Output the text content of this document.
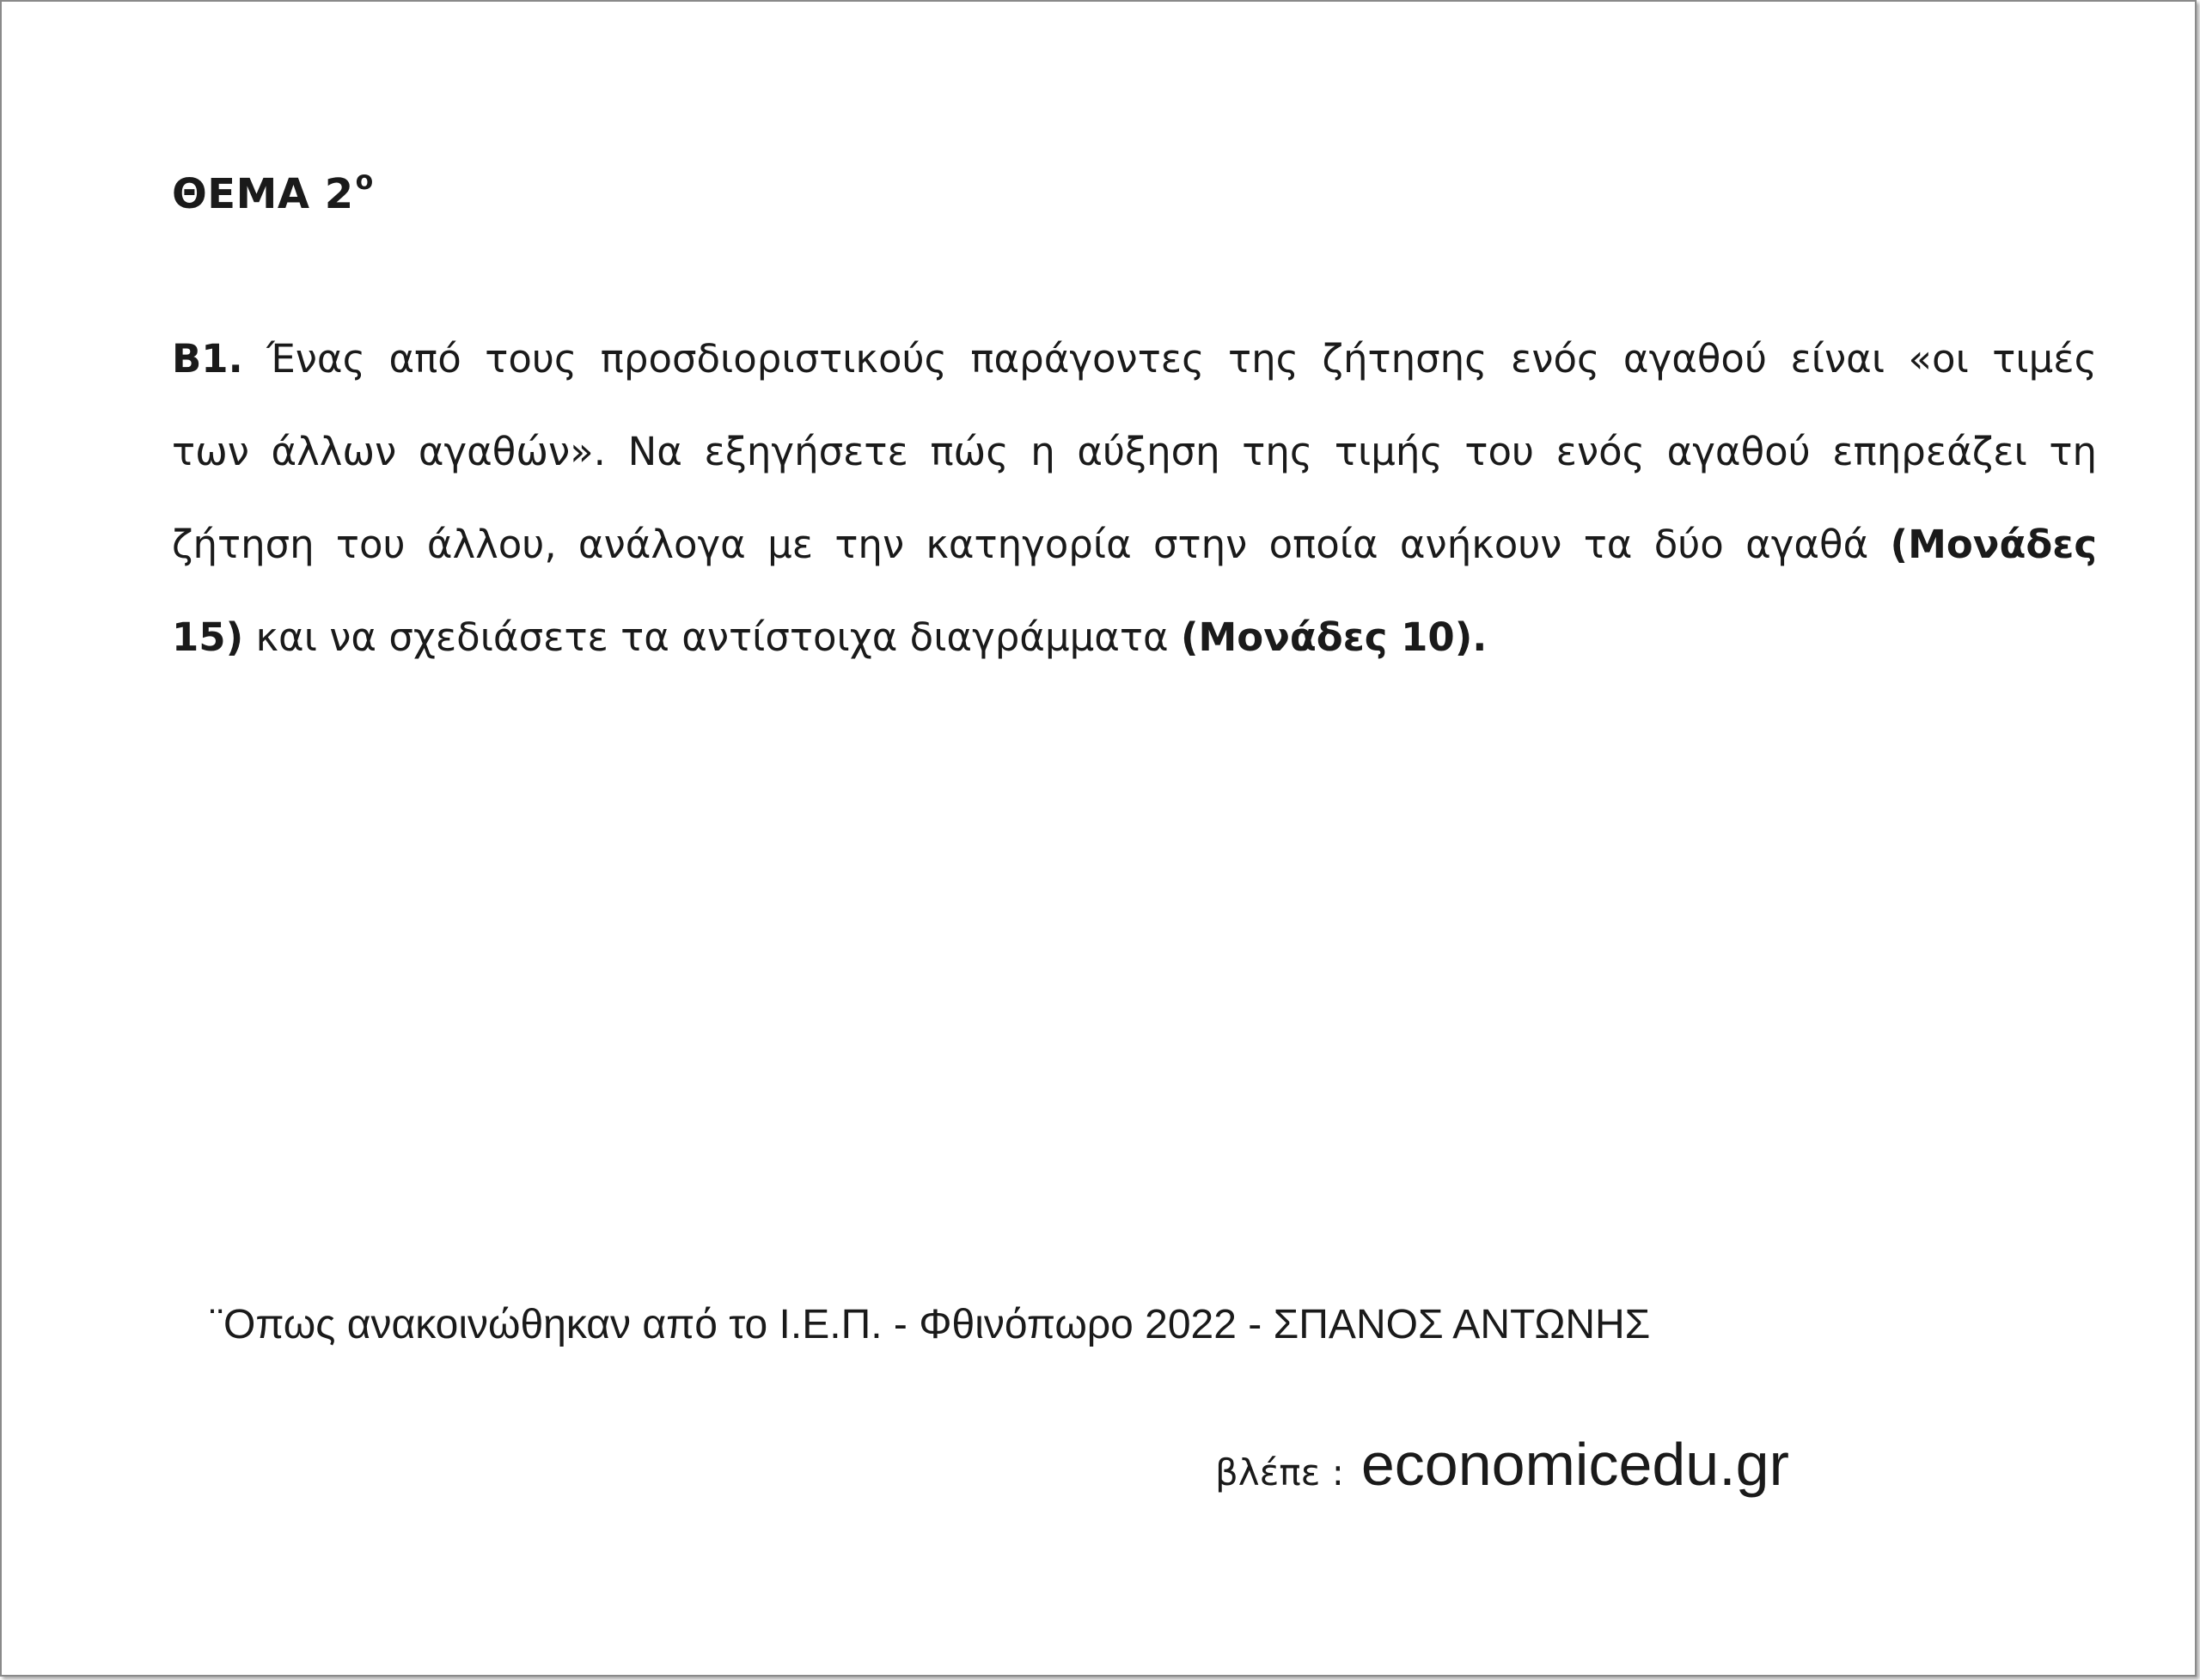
ΘΕΜΑ $2^o$
Β1. Ένας από τους προσδιοριστικούς παράγοντες της ζήτησης ενός αγαθού είναι «οι τιμές
των άλλων αγαθών». Να εξηγήσετε πώς η αύξηση της τιμής του ενός αγαθού επηρεάζει τη
ζήτηση του άλλου, ανάλογα με την κατηγορία στην οποία ανήκουν τα δύο αγαθά (Μονάδες
15) και να σχεδιάσετε τα αντίστοιχα διαγράμματα (Μονάδες 10).

¨Οπως ανακοινώθηκαν από το Ι.Ε.Π. - Φθινόπωρο 2022 - ΣΠΑΝΟΣ ΑΝΤΩΝΗΣ

βλέπε : economicedu.gr
